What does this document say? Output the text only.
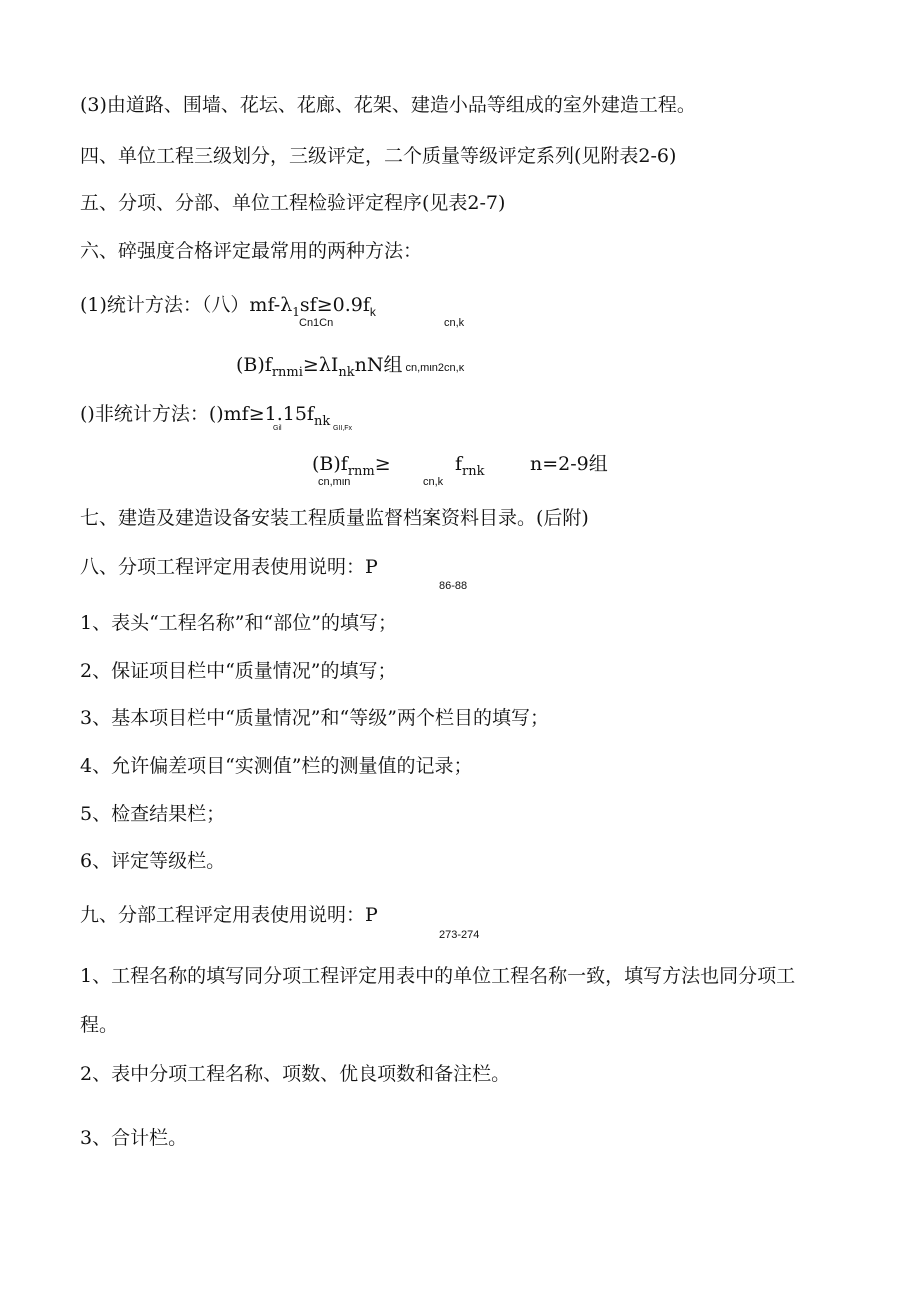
(3)由道路、围墙、花坛、花廊、花架、建造小品等组成的室外建造工程。
四、单位工程三级划分，三级评定，二个质量等级评定系列(见附表2-6)
五、分项、分部、单位工程检验评定程序(见表2-7)
六、碎强度合格评定最常用的两种方法：
(1)统计方法：（八）$mf-\lambda_1sf\ge 0.9f_k$
Cn1Cn	cn,k
$(B)f_{rnmi}\ge\lambda I_{nk}nN$组 cn,mιn2cn,κ
()非统计方法：$()mf\ge 1.15f_{nk}$
Gil	GII,Fx
$(B)f_{rnm}\ge$	$f_{rnk}$ n=2-9组
cn,mιn	cn,k
七、建造及建造设备安装工程质量监督档案资料目录。(后附)
八、分项工程评定用表使用说明：P
86-88
1、表头“工程名称”和“部位”的填写；
2、保证项目栏中“质量情况”的填写；
3、基本项目栏中“质量情况”和“等级”两个栏目的填写；
4、允许偏差项目“实测值”栏的测量值的记录；
5、检查结果栏；
6、评定等级栏。
九、分部工程评定用表使用说明：P
273-274
1、工程名称的填写同分项工程评定用表中的单位工程名称一致，填写方法也同分项工
程。
2、表中分项工程名称、项数、优良项数和备注栏。
3、合计栏。
